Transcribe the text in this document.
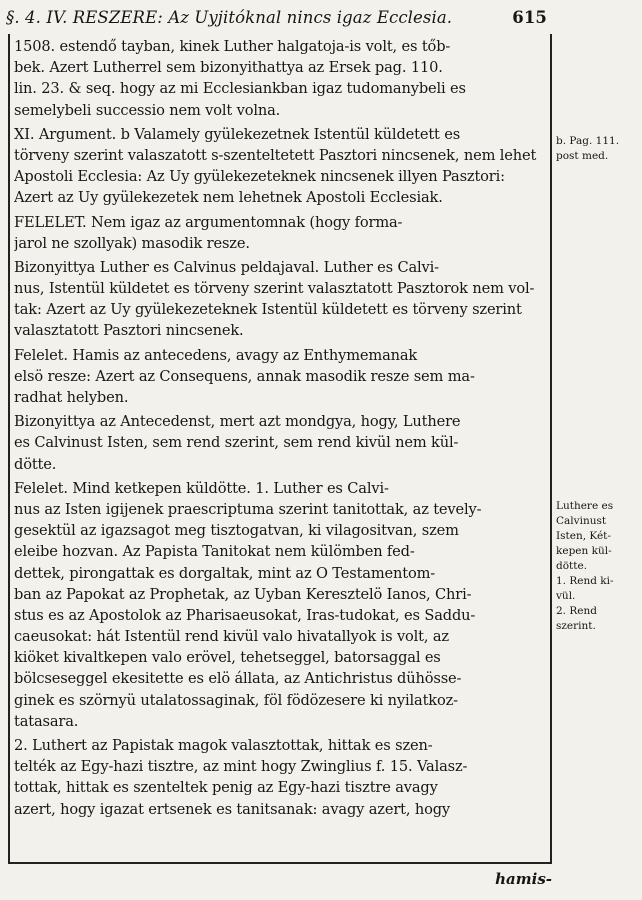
§. 4. IV. RESZERE: Az Uyjitóknal nincs igaz Ecclesia.	615
1508. estendő tayban, kinek Luther halgatoja-is volt, es tőb-
bek. Azert Lutherrel sem bizonyithattya az Ersek pag. 110.
lin. 23. & seq. hogy az mi Ecclesiankban igaz tudomanybeli es
semelybeli successio nem volt volna.
XI. Argument. b Valamely gyülekezetnek Istentül küldetett es
törveny szerint valaszatott s-szenteltetett Pasztori nincsenek, nem lehet
Apostoli Ecclesia: Az Uy gyülekezeteknek nincsenek illyen Pasztori:
Azert az Uy gyülekezetek nem lehetnek Apostoli Ecclesiak.
FELELET. Nem igaz az argumentomnak (hogy forma-
jarol ne szollyak) masodik resze.
Bizonyittya Luther es Calvinus peldajaval. Luther es Calvi-
nus, Istentül küldetet es törveny szerint valasztatott Pasztorok nem vol-
tak: Azert az Uy gyülekezeteknek Istentül küldetett es törveny szerint
valasztatott Pasztori nincsenek.
Felelet. Hamis az antecedens, avagy az Enthymemanak
elsö resze: Azert az Consequens, annak masodik resze sem ma-
radhat helyben.
Bizonyittya az Antecedenst, mert azt mondgya, hogy, Luthere
es Calvinust Isten, sem rend szerint, sem rend kivül nem kül-
dötte.
Felelet. Mind ketkepen küldötte. 1. Luther es Calvi-
nus az Isten igijenek praescriptuma szerint tanitottak, az tevely-
gesektül az igazsagot meg tisztogatvan, ki vilagositvan, szem
eleibe hozvan. Az Papista Tanitokat nem külömben fed-
dettek, pirongattak es dorgaltak, mint az O Testamentom-
ban az Papokat az Prophetak, az Uyban Keresztelö Ianos, Chri-
stus es az Apostolok az Pharisaeusokat, Iras-tudokat, es Saddu-
caeusokat: hát Istentül rend kivül valo hivatallyok is volt, az
kiöket kivaltkepen valo erövel, tehetseggel, batorsaggal es
bölcseseggel ekesitette es elö állata, az Antichristus dühösse-
ginek es szörnyü utalatossaginak, föl födözesere ki nyilatkoz-
tatasara.
2. Luthert az Papistak magok valasztottak, hittak es szen-
telték az Egy-hazi tisztre, az mint hogy Zwinglius f. 15. Valasz-
tottak, hittak es szenteltek penig az Egy-hazi tisztre avagy
azert, hogy igazat ertsenek es tanitsanak: avagy azert, hogy
b. Pag. 111.
post med.
Luthere es
Calvinust
Isten, Két-
kepen kül-
dötte.
1. Rend ki-
vül.
2. Rend
szerint.
hamis-
